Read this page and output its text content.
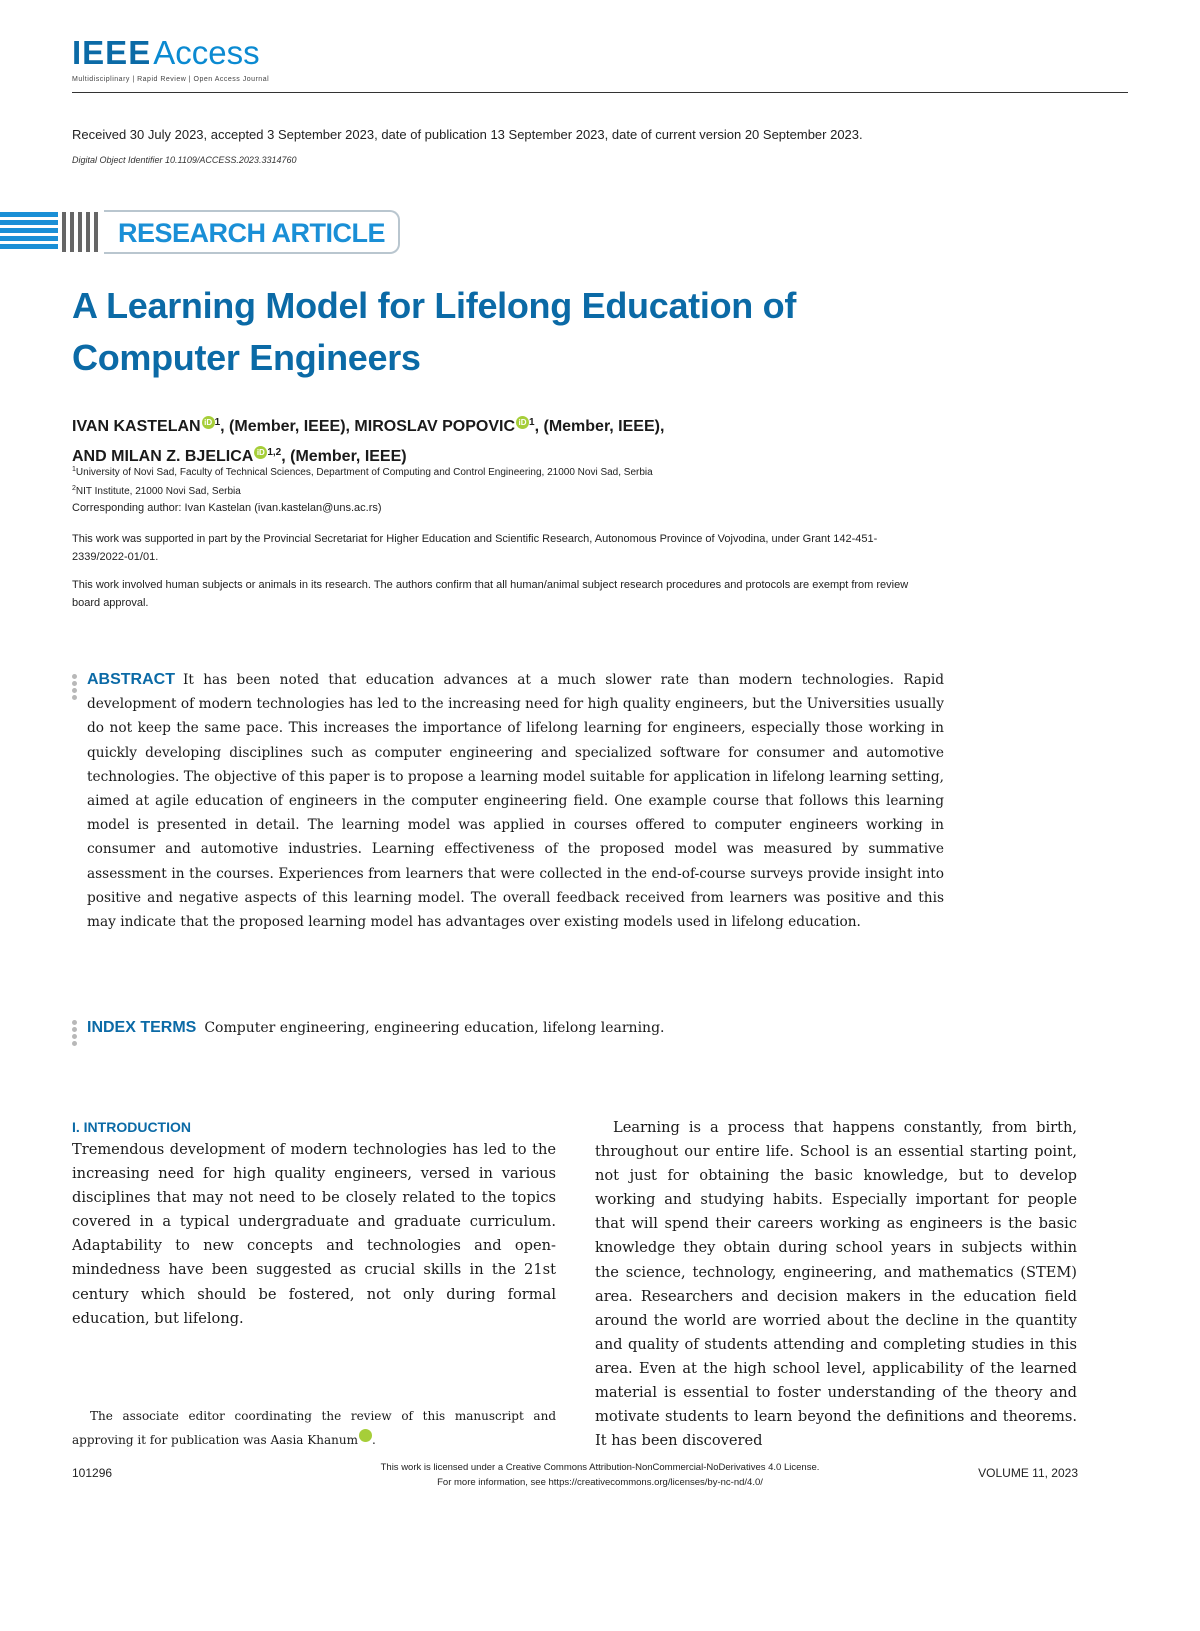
IEEEAccess
Multidisciplinary | Rapid Review | Open Access Journal
Received 30 July 2023, accepted 3 September 2023, date of publication 13 September 2023, date of current version 20 September 2023.
Digital Object Identifier 10.1109/ACCESS.2023.3314760
RESEARCH ARTICLE
A Learning Model for Lifelong Education of
Computer Engineers
IVAN KASTELAN iD $^1$, (Member, IEEE), MIROSLAV POPOVIC iD $^1$, (Member, IEEE),
AND MILAN Z. BJELICA iD $^{1,2}$, (Member, IEEE)
$^1$University of Novi Sad, Faculty of Technical Sciences, Department of Computing and Control Engineering, 21000 Novi Sad, Serbia
$^2$NIT Institute, 21000 Novi Sad, Serbia
Corresponding author: Ivan Kastelan (ivan.kastelan@uns.ac.rs)
This work was supported in part by the Provincial Secretariat for Higher Education and Scientific Research, Autonomous Province of Vojvodina, under Grant 142-451-2339/2022-01/01.
This work involved human subjects or animals in its research. The authors confirm that all human/animal subject research procedures and protocols are exempt from review board approval.
ABSTRACT It has been noted that education advances at a much slower rate than modern technologies. Rapid development of modern technologies has led to the increasing need for high quality engineers, but the Universities usually do not keep the same pace. This increases the importance of lifelong learning for engineers, especially those working in quickly developing disciplines such as computer engineering and specialized software for consumer and automotive technologies. The objective of this paper is to propose a learning model suitable for application in lifelong learning setting, aimed at agile education of engineers in the computer engineering field. One example course that follows this learning model is presented in detail. The learning model was applied in courses offered to computer engineers working in consumer and automotive industries. Learning effectiveness of the proposed model was measured by summative assessment in the courses. Experiences from learners that were collected in the end-of-course surveys provide insight into positive and negative aspects of this learning model. The overall feedback received from learners was positive and this may indicate that the proposed learning model has advantages over existing models used in lifelong education.
INDEX TERMS Computer engineering, engineering education, lifelong learning.
I. INTRODUCTION
Tremendous development of modern technologies has led to the increasing need for high quality engineers, versed in various disciplines that may not need to be closely related to the topics covered in a typical undergraduate and graduate curriculum. Adaptability to new concepts and technologies and open-mindedness have been suggested as crucial skills in the 21st century which should be fostered, not only during formal education, but lifelong.
The associate editor coordinating the review of this manuscript and approving it for publication was Aasia Khanum iD.
Learning is a process that happens constantly, from birth, throughout our entire life. School is an essential starting point, not just for obtaining the basic knowledge, but to develop working and studying habits. Especially important for people that will spend their careers working as engineers is the basic knowledge they obtain during school years in subjects within the science, technology, engineering, and mathematics (STEM) area. Researchers and decision makers in the education field around the world are worried about the decline in the quantity and quality of students attending and completing studies in this area. Even at the high school level, applicability of the learned material is essential to foster understanding of the theory and motivate students to learn beyond the definitions and theorems. It has been discovered
101296	This work is licensed under a Creative Commons Attribution-NonCommercial-NoDerivatives 4.0 License.
For more information, see https://creativecommons.org/licenses/by-nc-nd/4.0/
VOLUME 11, 2023
